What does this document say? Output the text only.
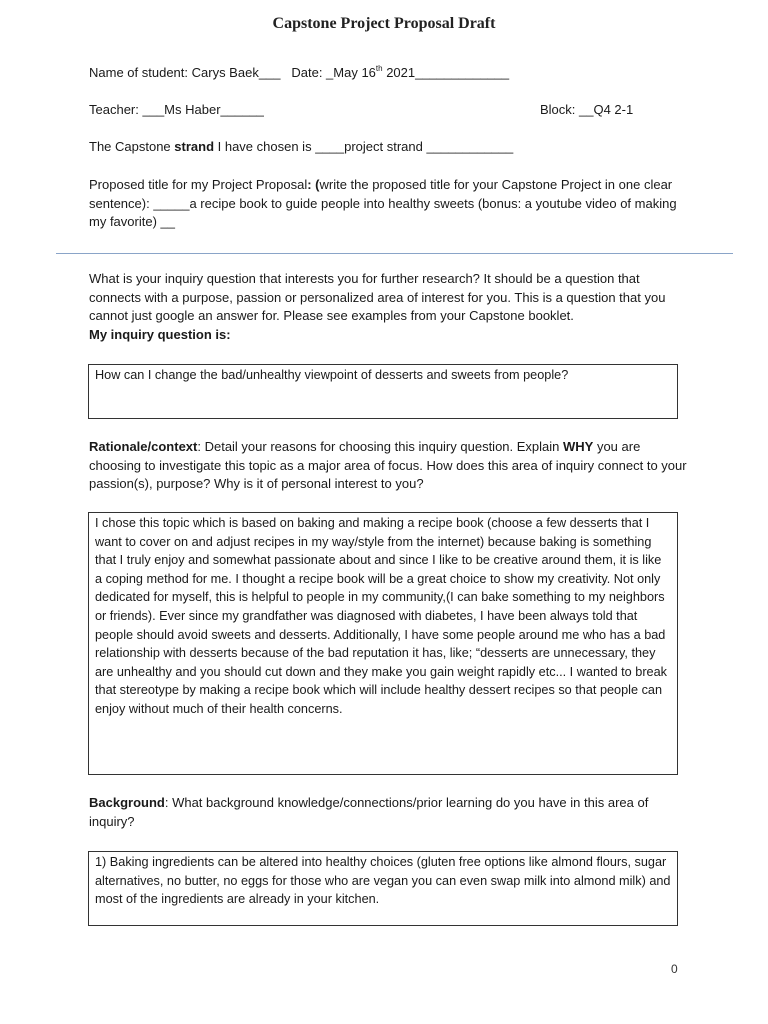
Capstone Project Proposal Draft
Name of student: Carys Baek___ Date: _May 16th 2021_____________
Teacher: ___Ms Haber______	Block: __Q4 2-1
The Capstone strand I have chosen is ____project strand ____________
Proposed title for my Project Proposal: (write the proposed title for your Capstone Project in one clear sentence): _____a recipe book to guide people into healthy sweets (bonus: a youtube video of making my favorite) __
What is your inquiry question that interests you for further research? It should be a question that connects with a purpose, passion or personalized area of interest for you. This is a question that you cannot just google an answer for. Please see examples from your Capstone booklet.
My inquiry question is:
How can I change the bad/unhealthy viewpoint of desserts and sweets from people?
Rationale/context: Detail your reasons for choosing this inquiry question. Explain WHY you are choosing to investigate this topic as a major area of focus. How does this area of inquiry connect to your passion(s), purpose? Why is it of personal interest to you?
I chose this topic which is based on baking and making a recipe book (choose a few desserts that I want to cover on and adjust recipes in my way/style from the internet) because baking is something that I truly enjoy and somewhat passionate about and since I like to be creative around them, it is like a coping method for me. I thought a recipe book will be a great choice to show my creativity. Not only dedicated for myself, this is helpful to people in my community,(I can bake something to my neighbors or friends). Ever since my grandfather was diagnosed with diabetes, I have been always told that people should avoid sweets and desserts. Additionally, I have some people around me who has a bad relationship with desserts because of the bad reputation it has, like; “desserts are unnecessary, they are unhealthy and you should cut down and they make you gain weight rapidly etc... I wanted to break that stereotype by making a recipe book which will include healthy dessert recipes so that people can enjoy without much of their health concerns.
Background: What background knowledge/connections/prior learning do you have in this area of inquiry?
1) Baking ingredients can be altered into healthy choices (gluten free options like almond flours, sugar alternatives, no butter, no eggs for those who are vegan you can even swap milk into almond milk) and most of the ingredients are already in your kitchen.
0
